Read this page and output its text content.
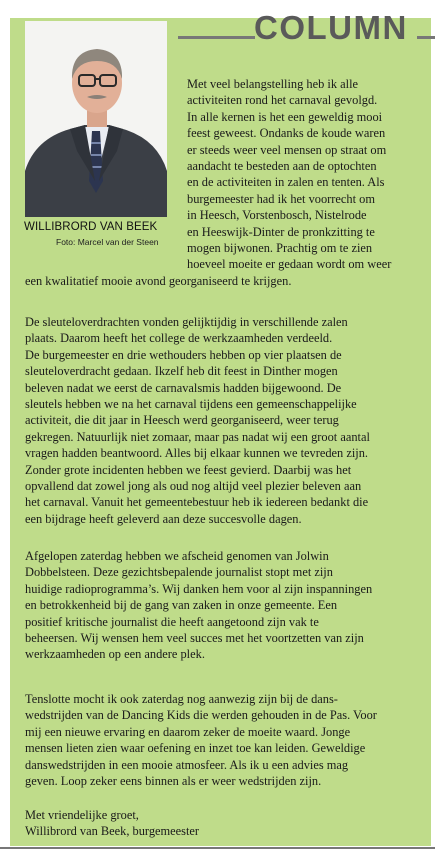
COLUMN
WILLIBRORD VAN BEEK
Foto: Marcel van der Steen
Met veel belangstelling heb ik alle
activiteiten rond het carnaval gevolgd.
In alle kernen is het een geweldig mooi
feest geweest. Ondanks de koude waren
er steeds weer veel mensen op straat om
aandacht te besteden aan de optochten
en de activiteiten in zalen en tenten. Als
burgemeester had ik het voorrecht om
in Heesch, Vorstenbosch, Nistelrode
en Heeswijk-Dinter de pronkzitting te
mogen bijwonen. Prachtig om te zien
hoeveel moeite er gedaan wordt om weer
een kwalitatief mooie avond georganiseerd te krijgen.
De sleuteloverdrachten vonden gelijktijdig in verschillende zalen
plaats. Daarom heeft het college de werkzaamheden verdeeld.
De burgemeester en drie wethouders hebben op vier plaatsen de
sleuteloverdracht gedaan. Ikzelf heb dit feest in Dinther mogen
beleven nadat we eerst de carnavalsmis hadden bijgewoond. De
sleutels hebben we na het carnaval tijdens een gemeenschappelijke
activiteit, die dit jaar in Heesch werd georganiseerd, weer terug
gekregen. Natuurlijk niet zomaar, maar pas nadat wij een groot aantal
vragen hadden beantwoord. Alles bij elkaar kunnen we tevreden zijn.
Zonder grote incidenten hebben we feest gevierd. Daarbij was het
opvallend dat zowel jong als oud nog altijd veel plezier beleven aan
het carnaval. Vanuit het gemeentebestuur heb ik iedereen bedankt die
een bijdrage heeft geleverd aan deze succesvolle dagen.
Afgelopen zaterdag hebben we afscheid genomen van Jolwin
Dobbelsteen. Deze gezichtsbepalende journalist stopt met zijn
huidige radioprogramma’s. Wij danken hem voor al zijn inspanningen
en betrokkenheid bij de gang van zaken in onze gemeente. Een
positief kritische journalist die heeft aangetoond zijn vak te
beheersen. Wij wensen hem veel succes met het voortzetten van zijn
werkzaamheden op een andere plek.
Tenslotte mocht ik ook zaterdag nog aanwezig zijn bij de dans-
wedstrijden van de Dancing Kids die werden gehouden in de Pas. Voor
mij een nieuwe ervaring en daarom zeker de moeite waard. Jonge
mensen lieten zien waar oefening en inzet toe kan leiden. Geweldige
danswedstrijden in een mooie atmosfeer. Als ik u een advies mag
geven. Loop zeker eens binnen als er weer wedstrijden zijn.
Met vriendelijke groet,
Willibrord van Beek, burgemeester
